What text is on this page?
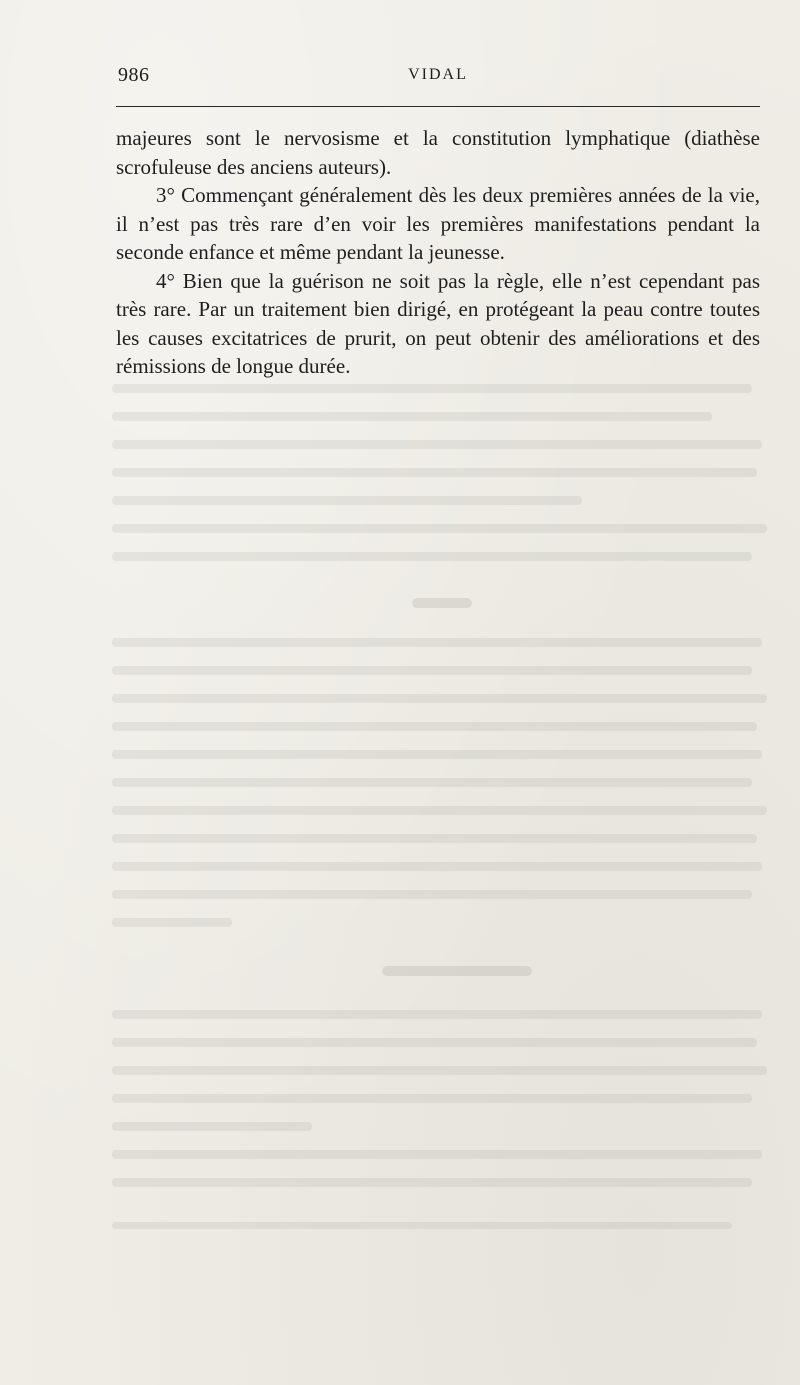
986	VIDAL

majeures sont le nervosisme et la constitution lymphatique (diathèse scrofuleuse des anciens auteurs).

3° Commençant généralement dès les deux premières années de la vie, il n’est pas très rare d’en voir les premières manifestations pendant la seconde enfance et même pendant la jeunesse.

4° Bien que la guérison ne soit pas la règle, elle n’est cependant pas très rare. Par un traitement bien dirigé, en protégeant la peau contre toutes les causes excitatrices de prurit, on peut obtenir des améliorations et des rémissions de longue durée.
